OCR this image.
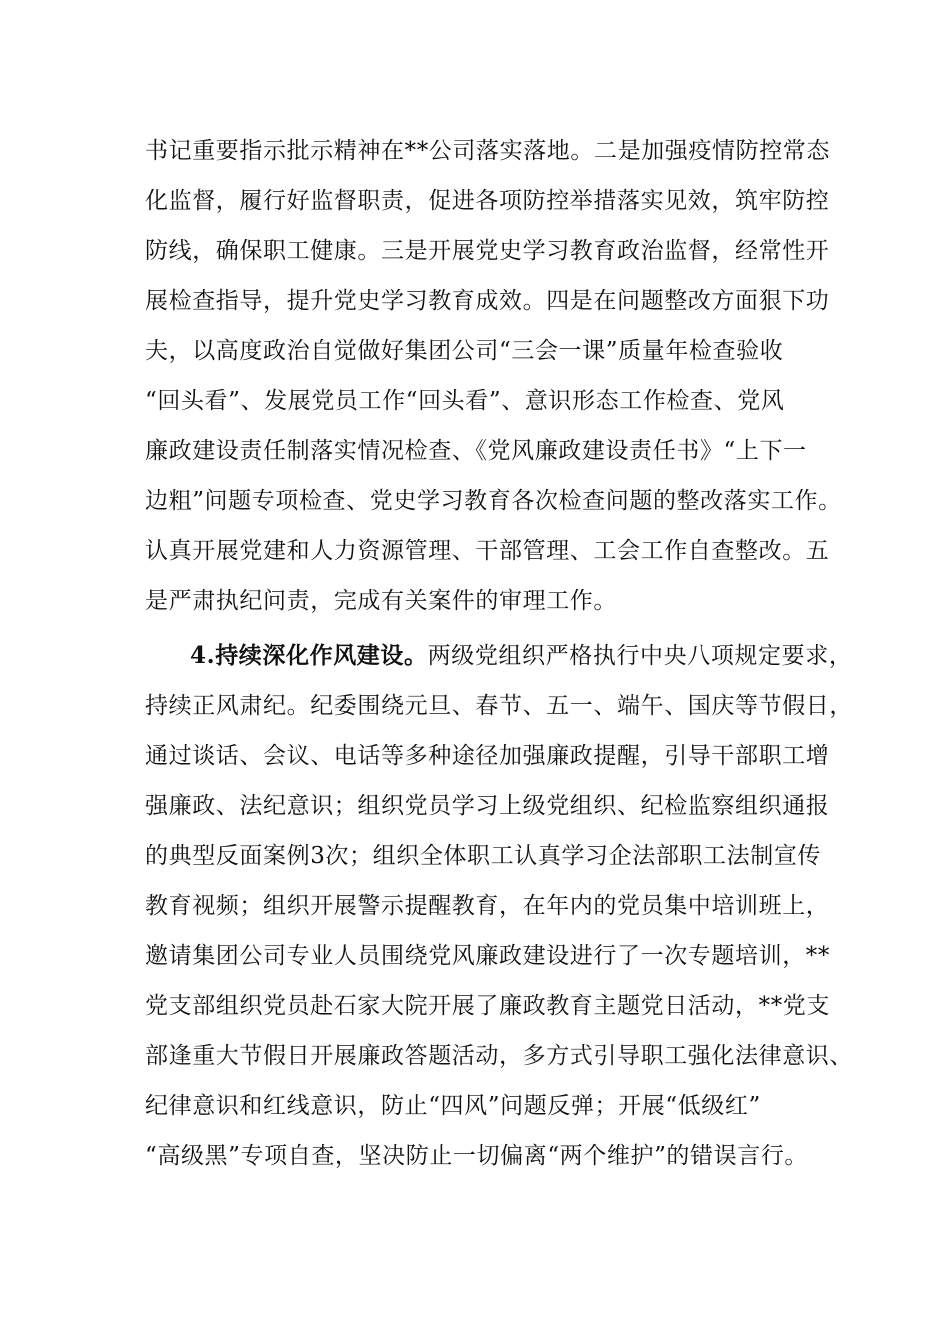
书记重要指示批示精神在**公司落实落地。二是加强疫情防控常态
化监督，履行好监督职责，促进各项防控举措落实见效，筑牢防控
防线，确保职工健康。三是开展党史学习教育政治监督，经常性开
展检查指导，提升党史学习教育成效。四是在问题整改方面狠下功
夫，以高度政治自觉做好集团公司“三会一课”质量年检查验收
“回头看”、发展党员工作“回头看”、意识形态工作检查、党风
廉政建设责任制落实情况检查、《党风廉政建设责任书》“上下一
边粗”问题专项检查、党史学习教育各次检查问题的整改落实工作。
认真开展党建和人力资源管理、干部管理、工会工作自查整改。五
是严肃执纪问责，完成有关案件的审理工作。
4.持续深化作风建设。两级党组织严格执行中央八项规定要求，
持续正风肃纪。纪委围绕元旦、春节、五一、端午、国庆等节假日，
通过谈话、会议、电话等多种途径加强廉政提醒，引导干部职工增
强廉政、法纪意识；组织党员学习上级党组织、纪检监察组织通报
的典型反面案例3次；组织全体职工认真学习企法部职工法制宣传
教育视频；组织开展警示提醒教育，在年内的党员集中培训班上，
邀请集团公司专业人员围绕党风廉政建设进行了一次专题培训，**
党支部组织党员赴石家大院开展了廉政教育主题党日活动，**党支
部逢重大节假日开展廉政答题活动，多方式引导职工强化法律意识、
纪律意识和红线意识，防止“四风”问题反弹；开展“低级红”
“高级黑”专项自查，坚决防止一切偏离“两个维护”的错误言行。
